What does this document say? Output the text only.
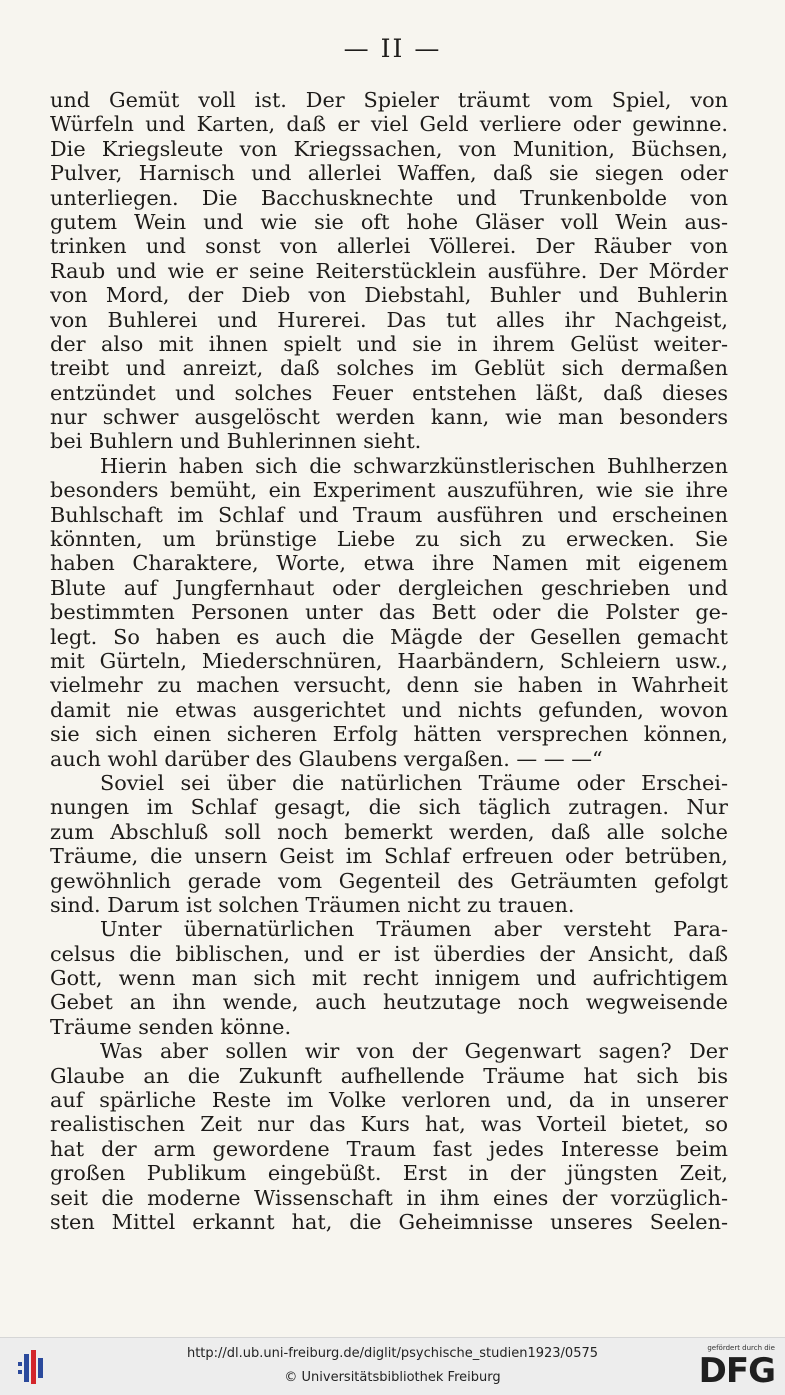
— II —
und Gemüt voll ist. Der Spieler träumt vom Spiel, von
Würfeln und Karten, daß er viel Geld verliere oder gewinne.
Die Kriegsleute von Kriegssachen, von Munition, Büchsen,
Pulver, Harnisch und allerlei Waffen, daß sie siegen oder
unterliegen. Die Bacchusknechte und Trunkenbolde von
gutem Wein und wie sie oft hohe Gläser voll Wein aus-
trinken und sonst von allerlei Völlerei. Der Räuber von
Raub und wie er seine Reiterstücklein ausführe. Der Mörder
von Mord, der Dieb von Diebstahl, Buhler und Buhlerin
von Buhlerei und Hurerei. Das tut alles ihr Nachgeist,
der also mit ihnen spielt und sie in ihrem Gelüst weiter-
treibt und anreizt, daß solches im Geblüt sich dermaßen
entzündet und solches Feuer entstehen läßt, daß dieses
nur schwer ausgelöscht werden kann, wie man besonders
bei Buhlern und Buhlerinnen sieht.
Hierin haben sich die schwarzkünstlerischen Buhlherzen
besonders bemüht, ein Experiment auszuführen, wie sie ihre
Buhlschaft im Schlaf und Traum ausführen und erscheinen
könnten, um brünstige Liebe zu sich zu erwecken. Sie
haben Charaktere, Worte, etwa ihre Namen mit eigenem
Blute auf Jungfernhaut oder dergleichen geschrieben und
bestimmten Personen unter das Bett oder die Polster ge-
legt. So haben es auch die Mägde der Gesellen gemacht
mit Gürteln, Miederschnüren, Haarbändern, Schleiern usw.,
vielmehr zu machen versucht, denn sie haben in Wahrheit
damit nie etwas ausgerichtet und nichts gefunden, wovon
sie sich einen sicheren Erfolg hätten versprechen können,
auch wohl darüber des Glaubens vergaßen. — — —“
Soviel sei über die natürlichen Träume oder Erschei-
nungen im Schlaf gesagt, die sich täglich zutragen. Nur
zum Abschluß soll noch bemerkt werden, daß alle solche
Träume, die unsern Geist im Schlaf erfreuen oder betrüben,
gewöhnlich gerade vom Gegenteil des Geträumten gefolgt
sind. Darum ist solchen Träumen nicht zu trauen.
Unter übernatürlichen Träumen aber versteht Para-
celsus die biblischen, und er ist überdies der Ansicht, daß
Gott, wenn man sich mit recht innigem und aufrichtigem
Gebet an ihn wende, auch heutzutage noch wegweisende
Träume senden könne.
Was aber sollen wir von der Gegenwart sagen? Der
Glaube an die Zukunft aufhellende Träume hat sich bis
auf spärliche Reste im Volke verloren und, da in unserer
realistischen Zeit nur das Kurs hat, was Vorteil bietet, so
hat der arm gewordene Traum fast jedes Interesse beim
großen Publikum eingebüßt. Erst in der jüngsten Zeit,
seit die moderne Wissenschaft in ihm eines der vorzüglich-
sten Mittel erkannt hat, die Geheimnisse unseres Seelen-
http://dl.ub.uni-freiburg.de/diglit/psychische_studien1923/0575
© Universitätsbibliothek Freiburg
gefördert durch die
DFG
